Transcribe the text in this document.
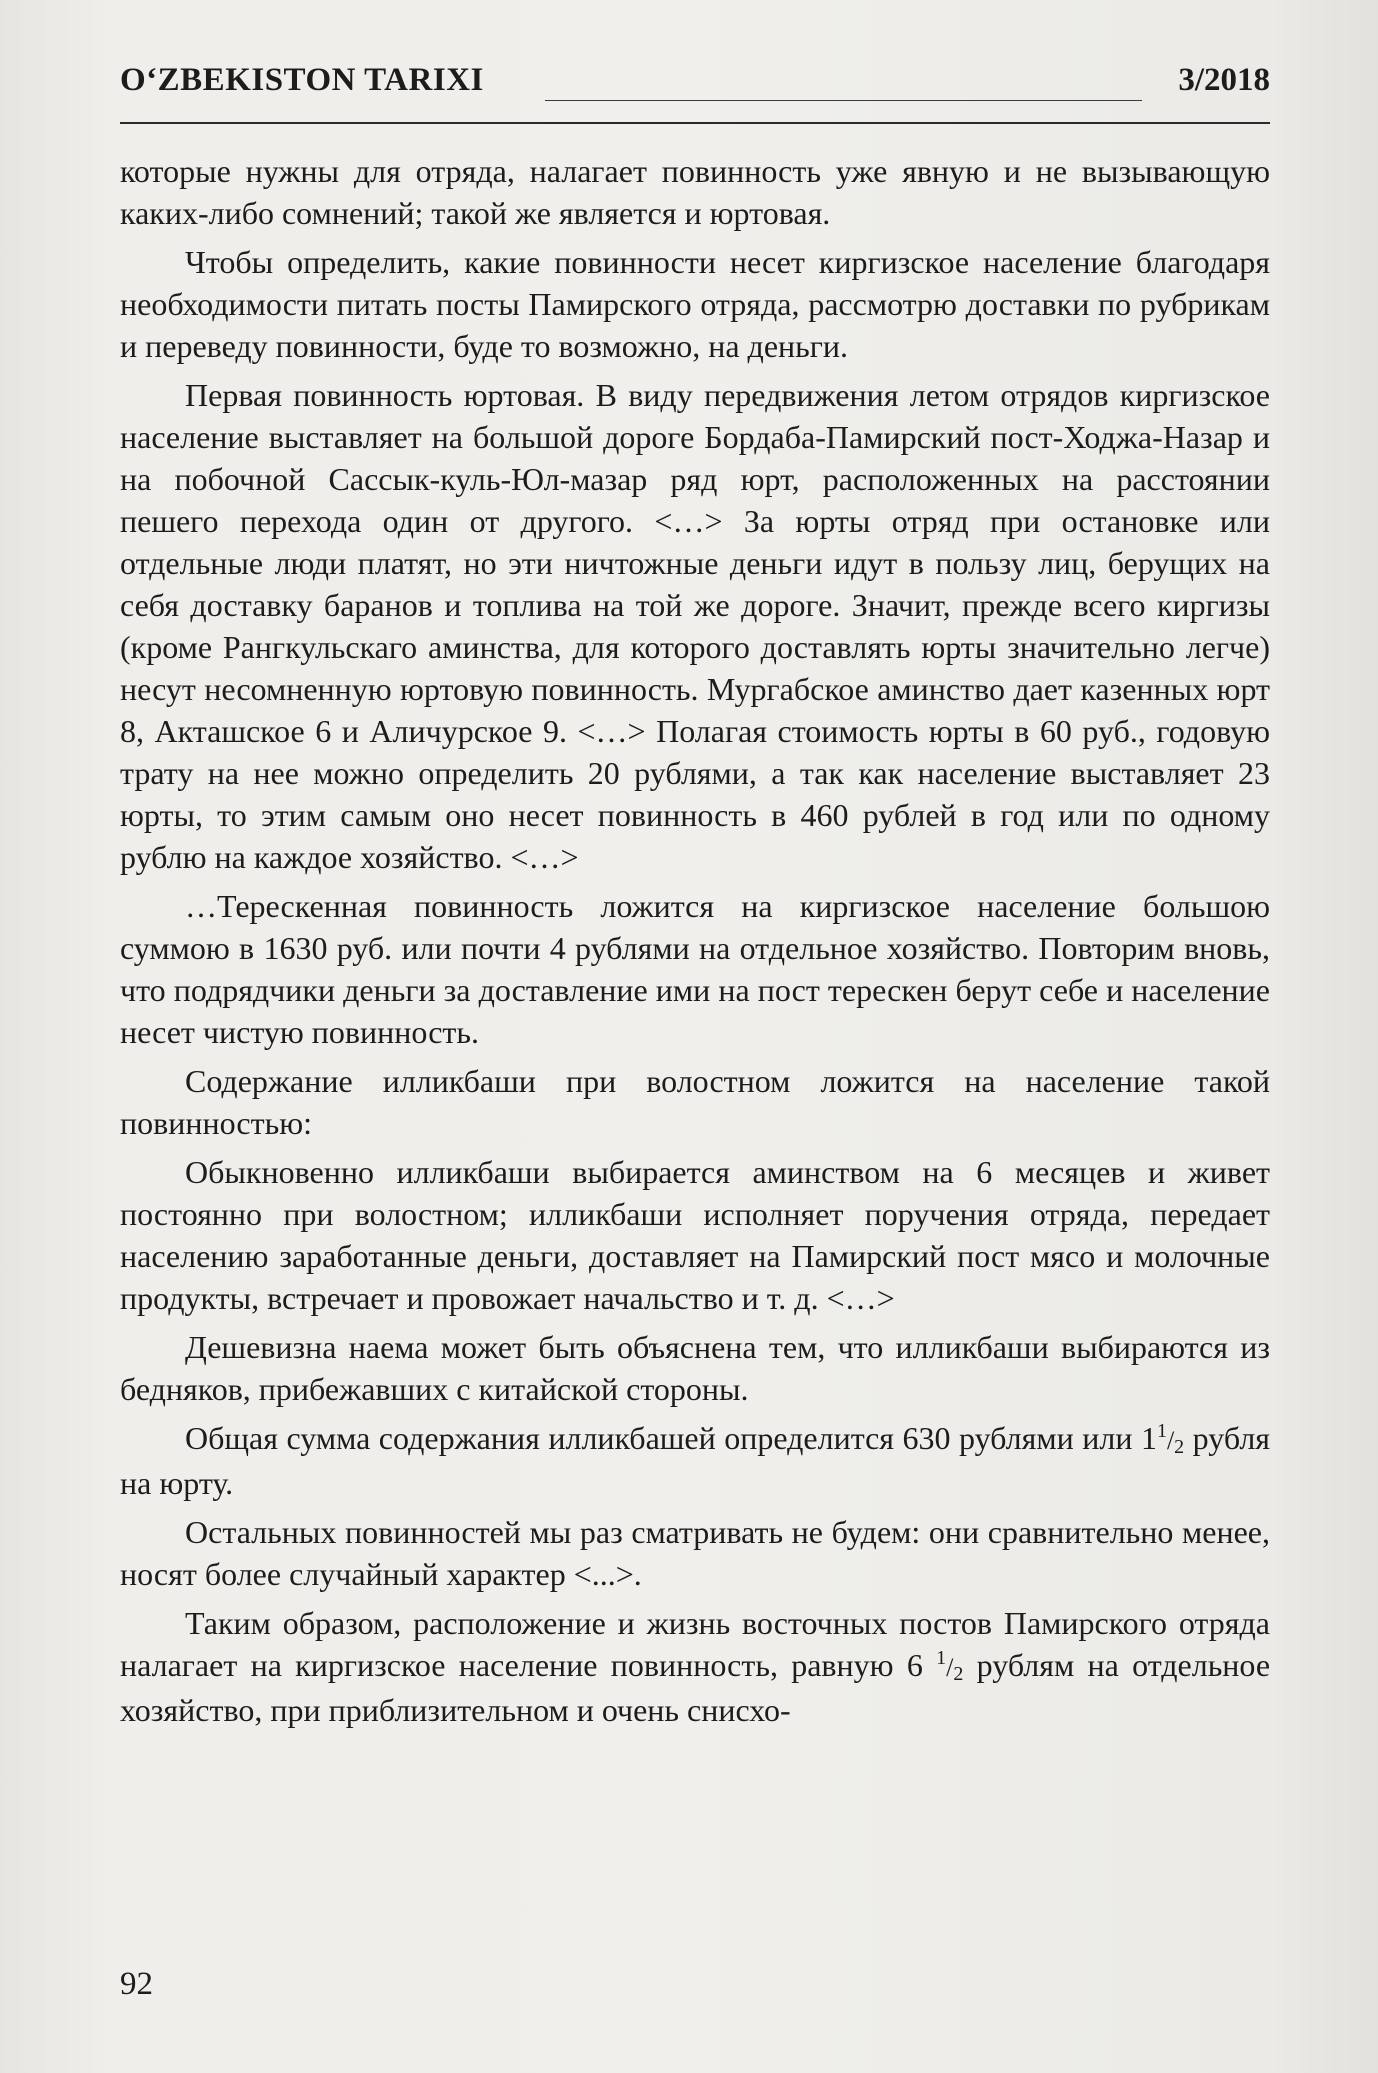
O‘ZBEKISTON TARIXI	3/2018

которые нужны для отряда, налагает повинность уже явную и не вызывающую каких-либо сомнений; такой же является и юртовая.

Чтобы определить, какие повинности несет киргизское население благодаря необходимости питать посты Памирского отряда, рассмотрю доставки по рубрикам и переведу повинности, буде то возможно, на деньги.

Первая повинность юртовая. В виду передвижения летом отрядов киргизское население выставляет на большой дороге Бордаба-Памирский пост-Ходжа-Назар и на побочной Сассык-куль-Юл-мазар ряд юрт, расположенных на расстоянии пешего перехода один от другого. <…> За юрты отряд при остановке или отдельные люди платят, но эти ничтожные деньги идут в пользу лиц, берущих на себя доставку баранов и топлива на той же дороге. Значит, прежде всего киргизы (кроме Рангкульскаго аминства, для которого доставлять юрты значительно легче) несут несомненную юртовую повинность. Мургабское аминство дает казенных юрт 8, Акташское 6 и Аличурское 9. <…> Полагая стоимость юрты в 60 руб., годовую трату на нее можно определить 20 рублями, а так как население выставляет 23 юрты, то этим самым оно несет повинность в 460 рублей в год или по одному рублю на каждое хозяйство. <…>

…Терескенная повинность ложится на киргизское население большою суммою в 1630 руб. или почти 4 рублями на отдельное хозяйство. Повторим вновь, что подрядчики деньги за доставление ими на пост терескен берут себе и население несет чистую повинность.

Содержание илликбаши при волостном ложится на население такой повинностью:

Обыкновенно илликбаши выбирается аминством на 6 месяцев и живет постоянно при волостном; илликбаши исполняет поручения отряда, передает населению заработанные деньги, доставляет на Памирский пост мясо и молочные продукты, встречает и провожает начальство и т. д. <…>

Дешевизна наема может быть объяснена тем, что илликбаши выбираются из бедняков, прибежавших с китайской стороны.

Общая сумма содержания илликбашей определится 630 рублями или $1^1/2$ рубля на юрту.

Остальных повинностей мы раз сматривать не будем: они сравнительно менее, носят более случайный характер <...>.

Таким образом, расположение и жизнь восточных постов Памирского отряда налагает на киргизское население повинность, равную 6 $^1$/2 рублям на отдельное хозяйство, при приблизительном и очень снисхо-

92
